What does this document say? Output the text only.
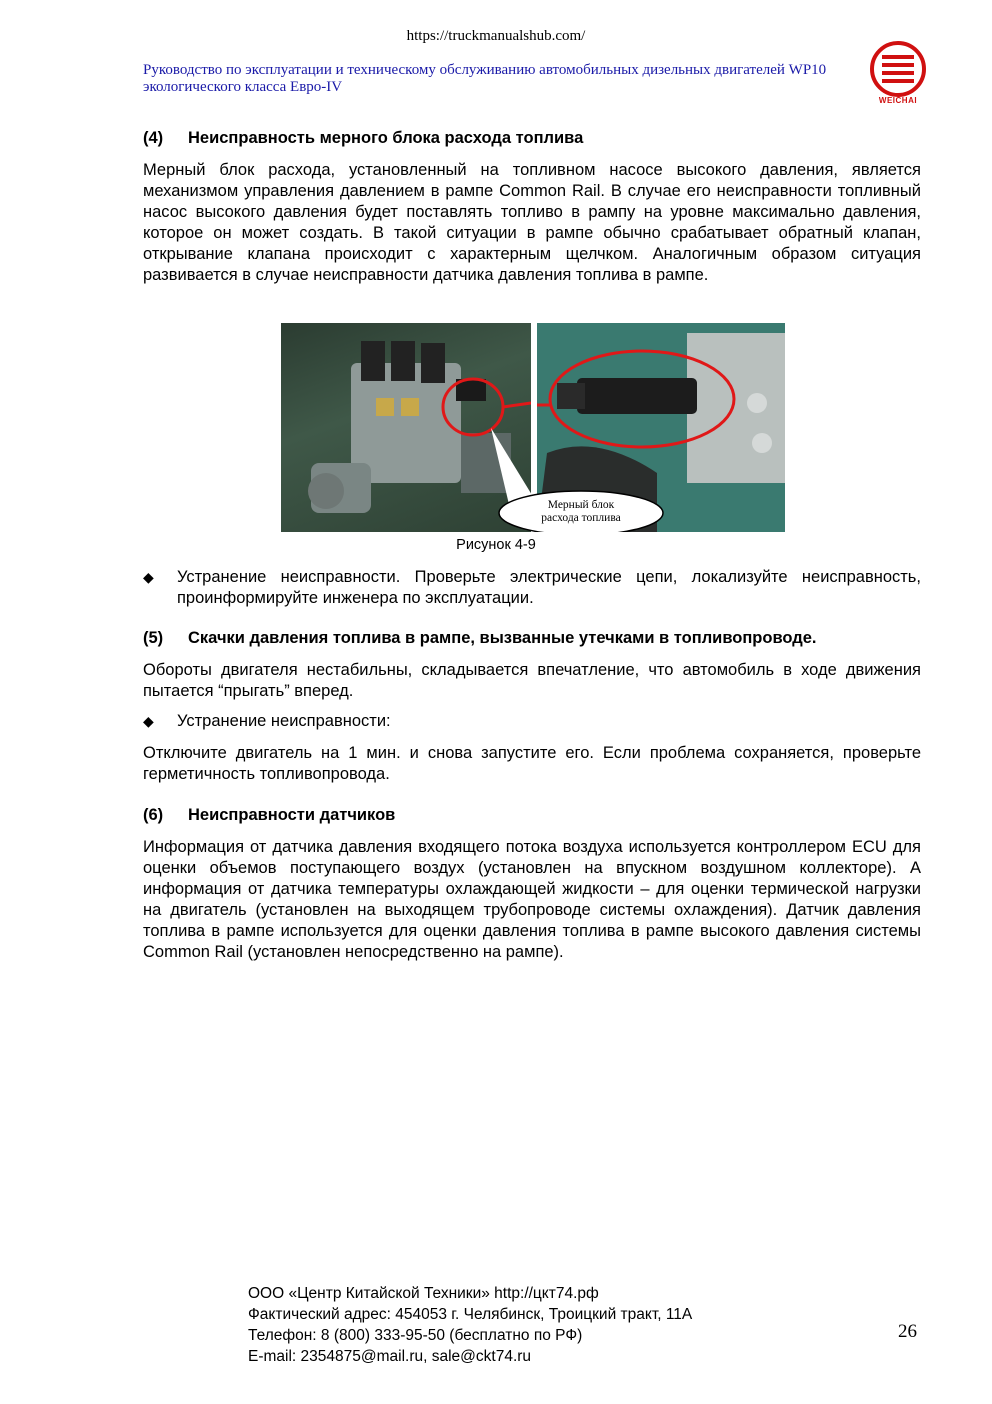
https://truckmanualshub.com/
Руководство по эксплуатации и техническому обслуживанию автомобильных дизельных двигателей WP10
экологического класса Евро-IV
WEICHAI
(4)	Неисправность мерного блока расхода топлива
Мерный блок расхода, установленный на топливном насосе высокого давления, является механизмом управления давлением в рампе Common Rail. В случае его неисправности топливный насос высокого давления будет поставлять топливо в рампу на уровне максимально давления, которое он может создать. В такой ситуации в рампе обычно срабатывает обратный клапан, открывание клапана происходит с характерным щелчком. Аналогичным образом ситуация развивается в случае неисправности датчика давления топлива в рампе.
Мерный блок
расхода топлива
Рисунок 4-9
◆	Устранение неисправности. Проверьте электрические цепи, локализуйте неисправность, проинформируйте инженера по эксплуатации.
(5)	Скачки давления топлива в рампе, вызванные утечками в топливопроводе.
Обороты двигателя нестабильны, складывается впечатление, что автомобиль в ходе движения пытается “прыгать” вперед.
◆	Устранение неисправности:
Отключите двигатель на 1 мин. и снова запустите его. Если проблема сохраняется, проверьте герметичность топливопровода.
(6)	Неисправности датчиков
Информация от датчика давления входящего потока воздуха используется контроллером ECU для оценки объемов поступающего воздух (установлен на впускном воздушном коллекторе). А информация от датчика температуры охлаждающей жидкости – для оценки термической нагрузки на двигатель (установлен на выходящем трубопроводе системы охлаждения). Датчик давления топлива в рампе используется для оценки давления топлива в рампе высокого давления системы Common Rail (установлен непосредственно на рампе).
ООО «Центр Китайской Техники» http://цкт74.рф
Фактический адрес: 454053 г. Челябинск, Троицкий тракт, 11А
Телефон: 8 (800) 333-95-50 (бесплатно по РФ)
E-mail: 2354875@mail.ru, sale@ckt74.ru
26
